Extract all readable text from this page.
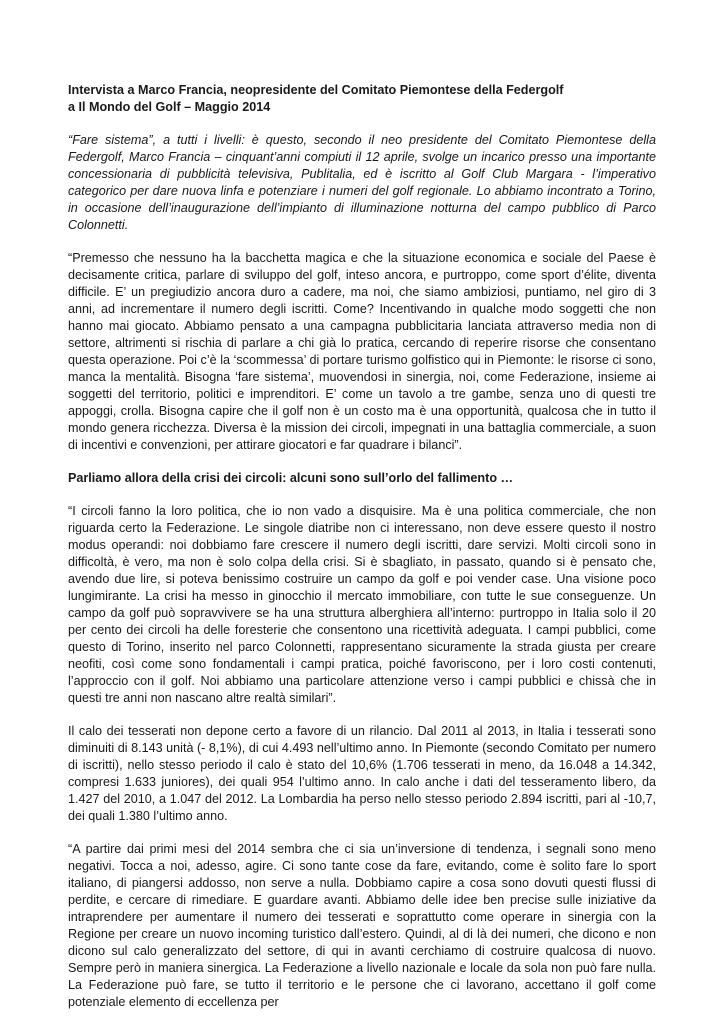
Intervista a Marco Francia, neopresidente del Comitato Piemontese della Federgolf

a Il Mondo del Golf – Maggio 2014

“Fare sistema”, a tutti i livelli: è questo, secondo il neo presidente del Comitato Piemontese della Federgolf, Marco Francia – cinquant’anni compiuti il 12 aprile, svolge un incarico presso una importante concessionaria di pubblicità televisiva, Publitalia, ed è iscritto al Golf Club Margara - l’imperativo categorico per dare nuova linfa e potenziare i numeri del golf regionale. Lo abbiamo incontrato a Torino, in occasione dell’inaugurazione dell’impianto di illuminazione notturna del campo pubblico di Parco Colonnetti.

“Premesso che nessuno ha la bacchetta magica e che la situazione economica e sociale del Paese è decisamente critica, parlare di sviluppo del golf, inteso ancora, e purtroppo, come sport d’élite, diventa difficile. E’ un pregiudizio ancora duro a cadere, ma noi, che siamo ambiziosi, puntiamo, nel giro di 3 anni, ad incrementare il numero degli iscritti. Come? Incentivando in qualche modo soggetti che non hanno mai giocato. Abbiamo pensato a una campagna pubblicitaria lanciata attraverso media non di settore, altrimenti si rischia di parlare a chi già lo pratica, cercando di reperire risorse che consentano questa operazione. Poi c’è la ‘scommessa’ di portare turismo golfistico qui in Piemonte: le risorse ci sono, manca la mentalità. Bisogna ‘fare sistema’, muovendosi in sinergia, noi, come Federazione, insieme ai soggetti del territorio, politici e imprenditori. E’ come un tavolo a tre gambe, senza uno di questi tre appoggi, crolla. Bisogna capire che il golf non è un costo ma è una opportunità, qualcosa che in tutto il mondo genera ricchezza. Diversa è la mission dei circoli, impegnati in una battaglia commerciale, a suon di incentivi e convenzioni, per attirare giocatori e far quadrare i bilanci”.

Parliamo allora della crisi dei circoli: alcuni sono sull’orlo del fallimento …

“I circoli fanno la loro politica, che io non vado a disquisire. Ma è una politica commerciale, che non riguarda certo la Federazione. Le singole diatribe non ci interessano, non deve essere questo il nostro modus operandi: noi dobbiamo fare crescere il numero degli iscritti, dare servizi. Molti circoli sono in difficoltà, è vero, ma non è solo colpa della crisi. Si è sbagliato, in passato, quando si è pensato che, avendo due lire, si poteva benissimo costruire un campo da golf e poi vender case. Una visione poco lungimirante. La crisi ha messo in ginocchio il mercato immobiliare, con tutte le sue conseguenze. Un campo da golf può sopravvivere se ha una struttura alberghiera all’interno: purtroppo in Italia solo il 20 per cento dei circoli ha delle foresterie che consentono una ricettività adeguata. I campi pubblici, come questo di Torino, inserito nel parco Colonnetti, rappresentano sicuramente la strada giusta per creare neofiti, così come sono fondamentali i campi pratica, poiché favoriscono, per i loro costi contenuti, l’approccio con il golf. Noi abbiamo una particolare attenzione verso i campi pubblici e chissà che in questi tre anni non nascano altre realtà similari”.

Il calo dei tesserati non depone certo a favore di un rilancio. Dal 2011 al 2013, in Italia i tesserati sono diminuiti di 8.143 unità (- 8,1%), di cui 4.493 nell’ultimo anno. In Piemonte (secondo Comitato per numero di iscritti), nello stesso periodo il calo è stato del 10,6% (1.706 tesserati in meno, da 16.048 a 14.342, compresi 1.633 juniores), dei quali 954 l’ultimo anno. In calo anche i dati del tesseramento libero, da 1.427 del 2010, a 1.047 del 2012. La Lombardia ha perso nello stesso periodo 2.894 iscritti, pari al -10,7, dei quali 1.380 l’ultimo anno.

“A partire dai primi mesi del 2014 sembra che ci sia un’inversione di tendenza, i segnali sono meno negativi. Tocca a noi, adesso, agire. Ci sono tante cose da fare, evitando, come è solito fare lo sport italiano, di piangersi addosso, non serve a nulla. Dobbiamo capire a cosa sono dovuti questi flussi di perdite, e cercare di rimediare. E guardare avanti. Abbiamo delle idee ben precise sulle iniziative da intraprendere per aumentare il numero dei tesserati e soprattutto come operare in sinergia con la Regione per creare un nuovo incoming turistico dall’estero. Quindi, al di là dei numeri, che dicono e non dicono sul calo generalizzato del settore, di qui in avanti cerchiamo di costruire qualcosa di nuovo. Sempre però in maniera sinergica. La Federazione a livello nazionale e locale da sola non può fare nulla. La Federazione può fare, se tutto il territorio e le persone che ci lavorano, accettano il golf come potenziale elemento di eccellenza per
